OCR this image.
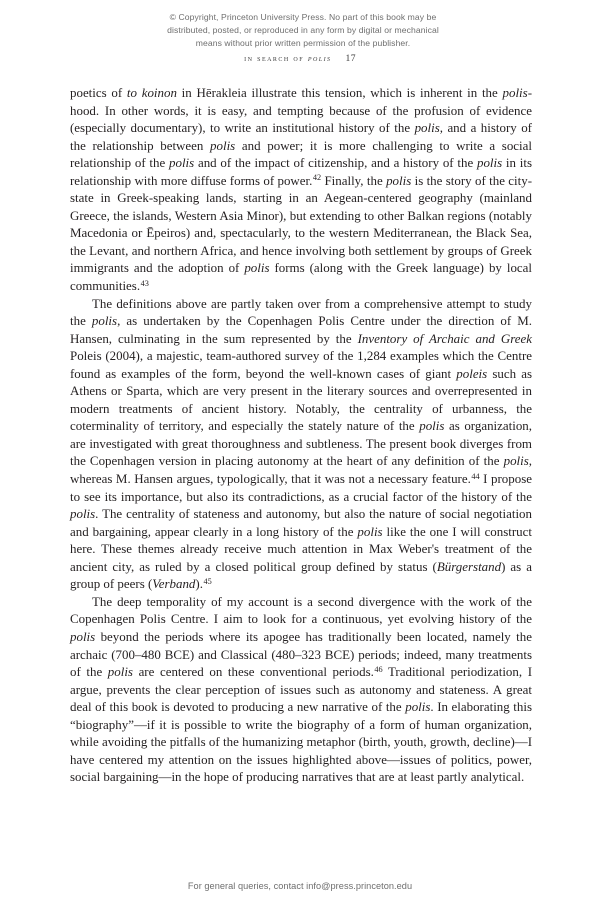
© Copyright, Princeton University Press. No part of this book may be
distributed, posted, or reproduced in any form by digital or mechanical
means without prior written permission of the publisher.
in search of polis 17

poetics of to koinon in Hērakleia illustrate this tension, which is inherent in the polis-hood. In other words, it is easy, and tempting because of the profusion of evidence (especially documentary), to write an institutional history of the polis, and a history of the relationship between polis and power; it is more challenging to write a social relationship of the polis and of the impact of citizenship, and a history of the polis in its relationship with more diffuse forms of power.$^{42}$ Finally, the polis is the story of the city-state in Greek-speaking lands, starting in an Aegean-centered geography (mainland Greece, the islands, Western Asia Minor), but extending to other Balkan regions (notably Macedonia or Ēpeiros) and, spectacularly, to the western Mediterranean, the Black Sea, the Levant, and northern Africa, and hence involving both settlement by groups of Greek immigrants and the adoption of polis forms (along with the Greek language) by local communities.$^{43}$

The definitions above are partly taken over from a comprehensive attempt to study the polis, as undertaken by the Copenhagen Polis Centre under the direction of M. Hansen, culminating in the sum represented by the Inventory of Archaic and Greek Poleis (2004), a majestic, team-authored survey of the 1,284 examples which the Centre found as examples of the form, beyond the well-known cases of giant poleis such as Athens or Sparta, which are very present in the literary sources and overrepresented in modern treatments of ancient history. Notably, the centrality of urbanness, the coterminality of territory, and especially the stately nature of the polis as organization, are investigated with great thoroughness and subtleness. The present book diverges from the Copenhagen version in placing autonomy at the heart of any definition of the polis, whereas M. Hansen argues, typologically, that it was not a necessary feature.$^{44}$ I propose to see its importance, but also its contradictions, as a crucial factor of the history of the polis. The centrality of stateness and autonomy, but also the nature of social negotiation and bargaining, appear clearly in a long history of the polis like the one I will construct here. These themes already receive much attention in Max Weber's treatment of the ancient city, as ruled by a closed political group defined by status (Bürgerstand) as a group of peers (Verband).$^{45}$

The deep temporality of my account is a second divergence with the work of the Copenhagen Polis Centre. I aim to look for a continuous, yet evolving history of the polis beyond the periods where its apogee has traditionally been located, namely the archaic (700–480 BCE) and Classical (480–323 BCE) periods; indeed, many treatments of the polis are centered on these conventional periods.$^{46}$ Traditional periodization, I argue, prevents the clear perception of issues such as autonomy and stateness. A great deal of this book is devoted to producing a new narrative of the polis. In elaborating this “biography”—if it is possible to write the biography of a form of human organization, while avoiding the pitfalls of the humanizing metaphor (birth, youth, growth, decline)—I have centered my attention on the issues highlighted above—issues of politics, power, social bargaining—in the hope of producing narratives that are at least partly analytical.

For general queries, contact info@press.princeton.edu
